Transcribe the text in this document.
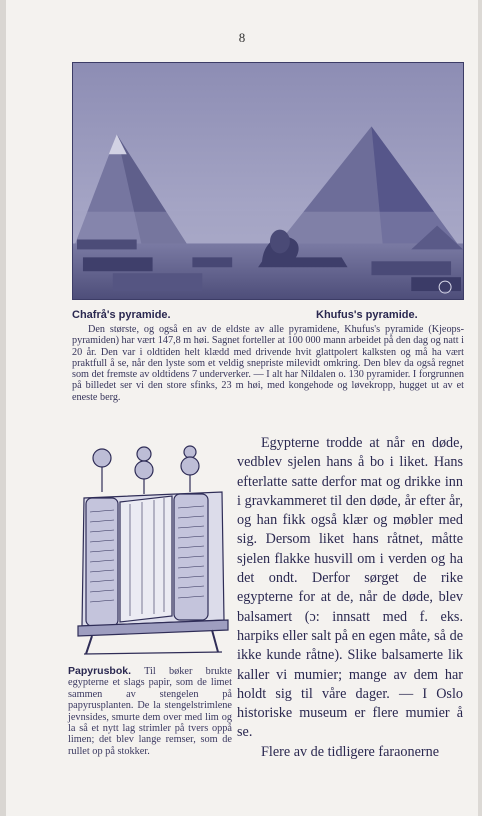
8
Chafrå's pyramide.	Khufus's pyramide.

Den største, og også en av de eldste av alle pyramidene, Khufus's pyramide (Kjeops-pyramiden) har vært 147,8 m høi. Sagnet forteller at 100 000 mann arbeidet på den dag og natt i 20 år. Den var i oldtiden helt klædd med drivende hvit glattpolert kalksten og må ha vært praktfull å se, når den lyste som et veldig snepriste milevidt omkring. Den blev da også regnet som det fremste av oldtidens 7 underverker. — I alt har Nildalen o. 130 pyramider. I forgrunnen på billedet ser vi den store sfinks, 23 m høi, med kongehode og løvekropp, hugget ut av et eneste berg.

Papyrusbok. Til bøker brukte egypterne et slags papir, som de limet sammen av stengelen på papyrusplanten. De la stengelstrimlene jevnsides, smurte dem over med lim og la så et nytt lag strimler på tvers oppå limen; det blev lange remser, som de rullet op på stokker.

Egypterne trodde at når en døde, vedblev sjelen hans å bo i liket. Hans efterlatte satte derfor mat og drikke inn i gravkammeret til den døde, år efter år, og han fikk også klær og møbler med sig. Dersom liket hans råtnet, måtte sjelen flakke husvill om i verden og ha det ondt. Derfor sørget de rike egypterne for at de, når de døde, blev balsamert (ɔ: innsatt med f. eks. harpiks eller salt på en egen måte, så de ikke kunde råtne). Slike balsamerte lik kaller vi mumier; mange av dem har holdt sig til våre dager. — I Oslo historiske museum er flere mumier å se.

Flere av de tidligere faraonerne
